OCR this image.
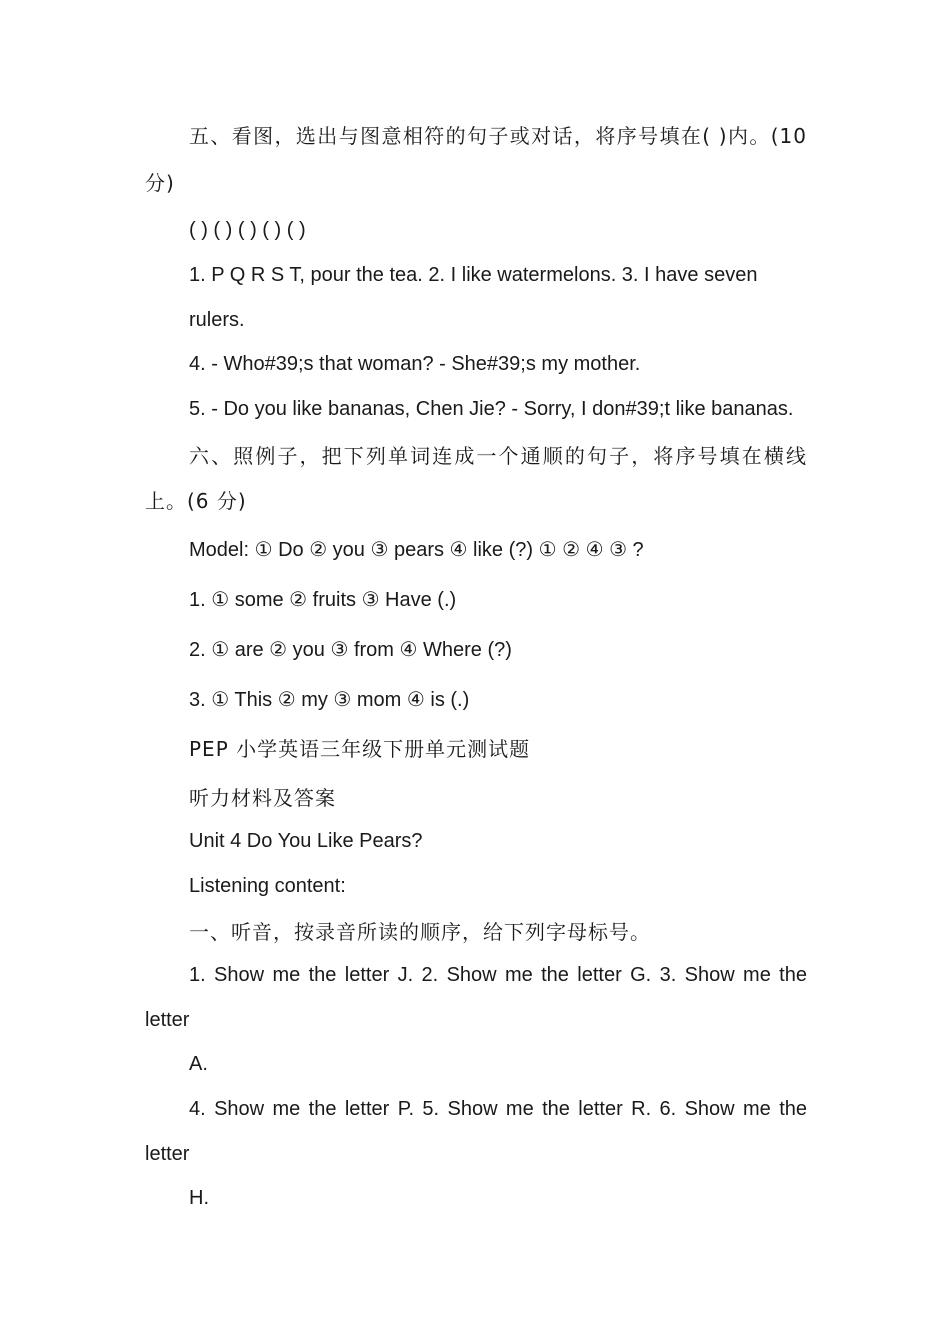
五、看图，选出与图意相符的句子或对话，将序号填在( )内。(10
分)
( ) ( ) ( ) ( ) ( )
1. P Q R S T, pour the tea. 2. I like watermelons. 3. I have seven
rulers.
4. - Who#39;s that woman? - She#39;s my mother.
5. - Do you like bananas, Chen Jie? - Sorry, I don#39;t like bananas.
六、照例子，把下列单词连成一个通顺的句子，将序号填在横线
上。(6 分)
Model: ① Do ② you ③ pears ④ like (?) ① ② ④ ③ ?
1. ① some ② fruits ③ Have (.)
2. ① are ② you ③ from ④ Where (?)
3. ① This ② my ③ mom ④ is (.)
PEP 小学英语三年级下册单元测试题
听力材料及答案
Unit 4 Do You Like Pears?
Listening content:
一、听音，按录音所读的顺序，给下列字母标号。
1. Show me the letter J. 2. Show me the letter G. 3. Show me the
letter
A.
4. Show me the letter P. 5. Show me the letter R. 6. Show me the
letter
H.
